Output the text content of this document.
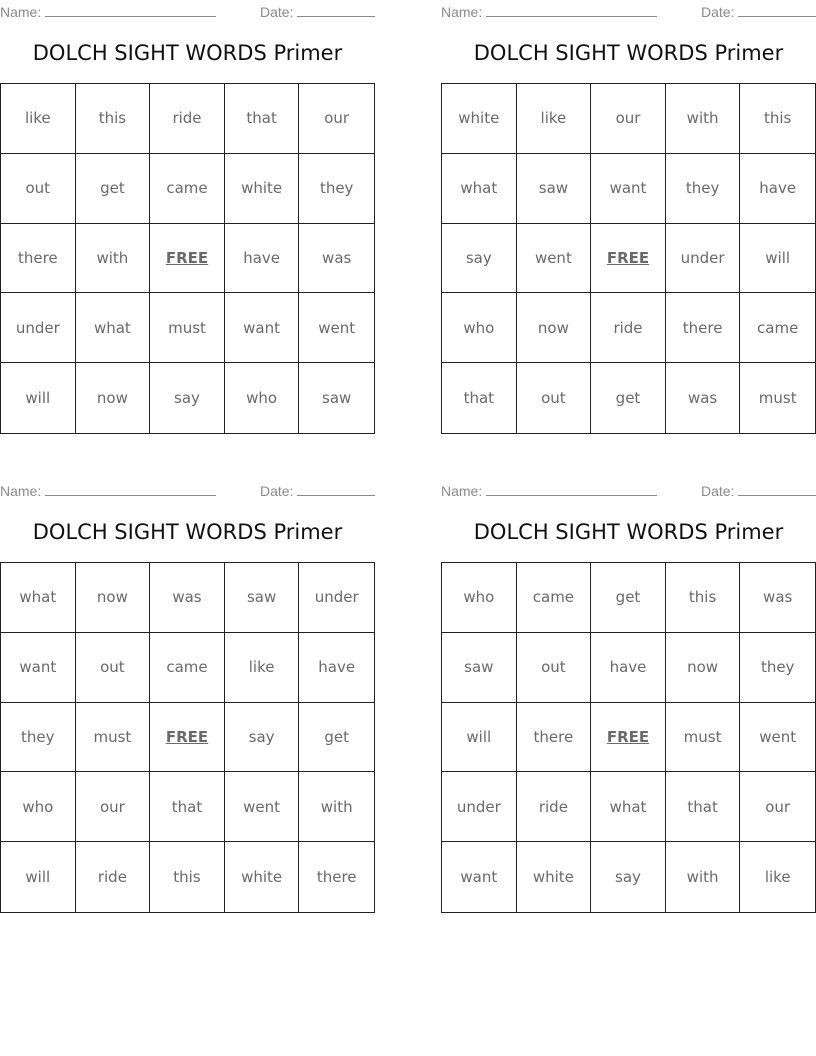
Name:	Date:
DOLCH SIGHT WORDS Primer
like	this	ride	that	our
out	get	came	white	they
there	with	FREE	have	was
under	what	must	want	went
will	now	say	who	saw
Name:	Date:
DOLCH SIGHT WORDS Primer
white	like	our	with	this
what	saw	want	they	have
say	went	FREE	under	will
who	now	ride	there	came
that	out	get	was	must
Name:	Date:
DOLCH SIGHT WORDS Primer
what	now	was	saw	under
want	out	came	like	have
they	must	FREE	say	get
who	our	that	went	with
will	ride	this	white	there
Name:	Date:
DOLCH SIGHT WORDS Primer
who	came	get	this	was
saw	out	have	now	they
will	there	FREE	must	went
under	ride	what	that	our
want	white	say	with	like
